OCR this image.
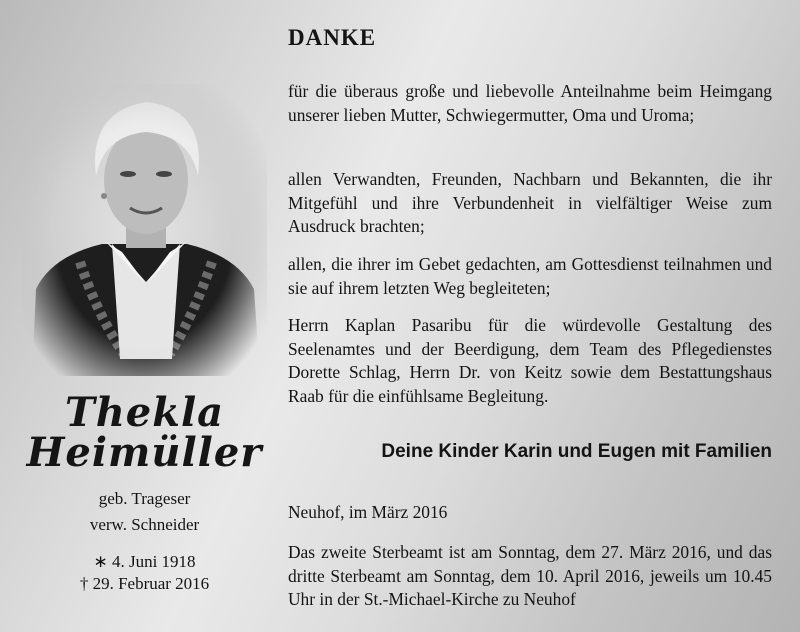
Thekla
Heimüller
geb. Trageser
verw. Schneider
∗ 4. Juni 1918
† 29. Februar 2016
DANKE

für die überaus große und liebevolle Anteilnahme beim Heimgang unserer lieben Mutter, Schwiegermutter, Oma und Uroma;

allen Verwandten, Freunden, Nachbarn und Bekannten, die ihr Mitgefühl und ihre Verbundenheit in vielfältiger Weise zum Ausdruck brachten;

allen, die ihrer im Gebet gedachten, am Gottesdienst teilnahmen und sie auf ihrem letzten Weg begleiteten;

Herrn Kaplan Pasaribu für die würdevolle Gestaltung des Seelenamtes und der Beerdigung, dem Team des Pflegedienstes Dorette Schlag, Herrn Dr. von Keitz sowie dem Bestattungshaus Raab für die einfühlsame Begleitung.

Deine Kinder Karin und Eugen mit Familien
Neuhof, im März 2016

Das zweite Sterbeamt ist am Sonntag, dem 27. März 2016, und das dritte Sterbeamt am Sonntag, dem 10. April 2016, jeweils um 10.45 Uhr in der St.-Michael-Kirche zu Neuhof
